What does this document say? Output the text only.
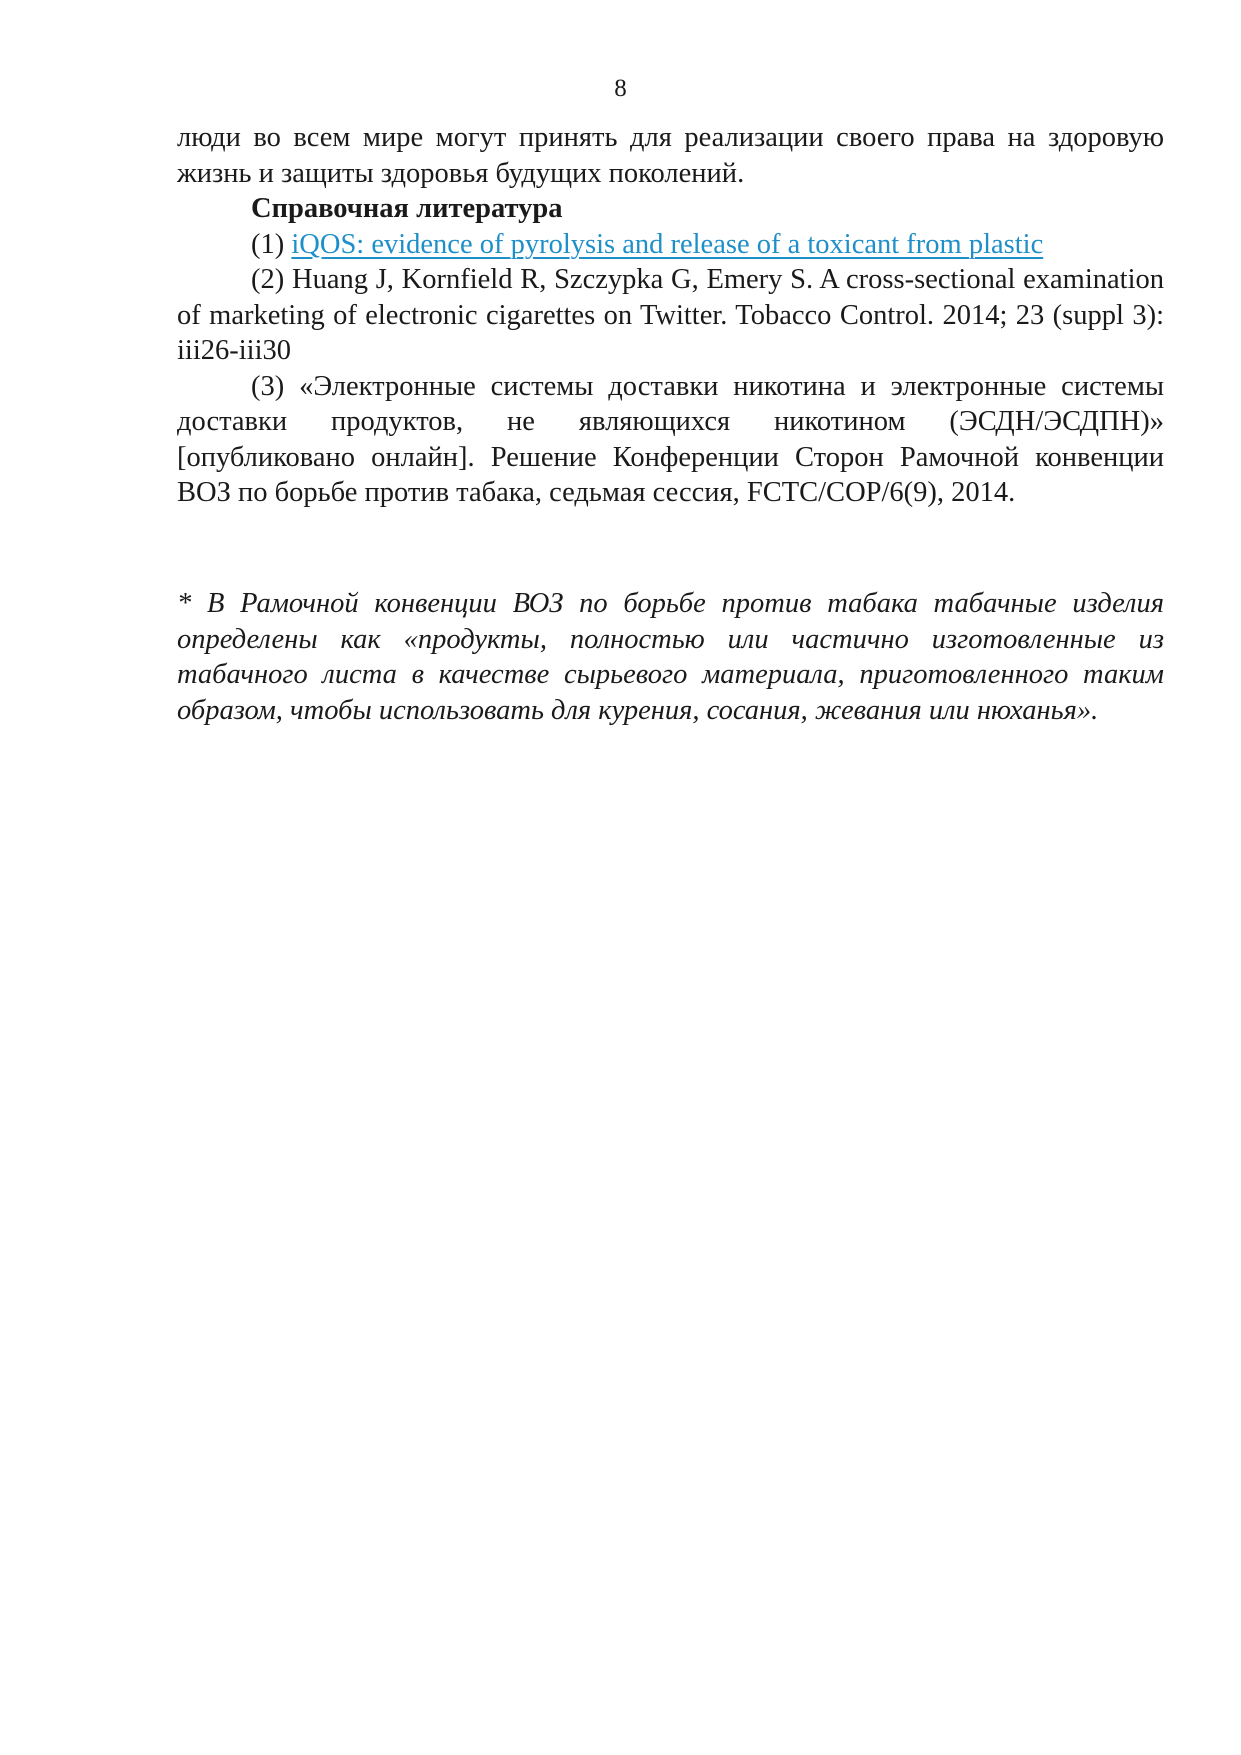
8

люди во всем мире могут принять для реализации своего права на здоровую жизнь и защиты здоровья будущих поколений.

Справочная литература

(1) iQOS: evidence of pyrolysis and release of a toxicant from plastic

(2) Huang J, Kornfield R, Szczypka G, Emery S. A cross-sectional examination of marketing of electronic cigarettes on Twitter. Tobacco Control. 2014; 23 (suppl 3): iii26-iii30

(3) «Электронные системы доставки никотина и электронные системы доставки продуктов, не являющихся никотином (ЭСДН/ЭСДПН)» [опубликовано онлайн]. Решение Конференции Сторон Рамочной конвенции ВОЗ по борьбе против табака, седьмая сессия, FCTC/COP/6(9), 2014.

* В Рамочной конвенции ВОЗ по борьбе против табака табачные изделия определены как «продукты, полностью или частично изготовленные из табачного листа в качестве сырьевого материала, приготовленного таким образом, чтобы использовать для курения, сосания, жевания или нюханья».
